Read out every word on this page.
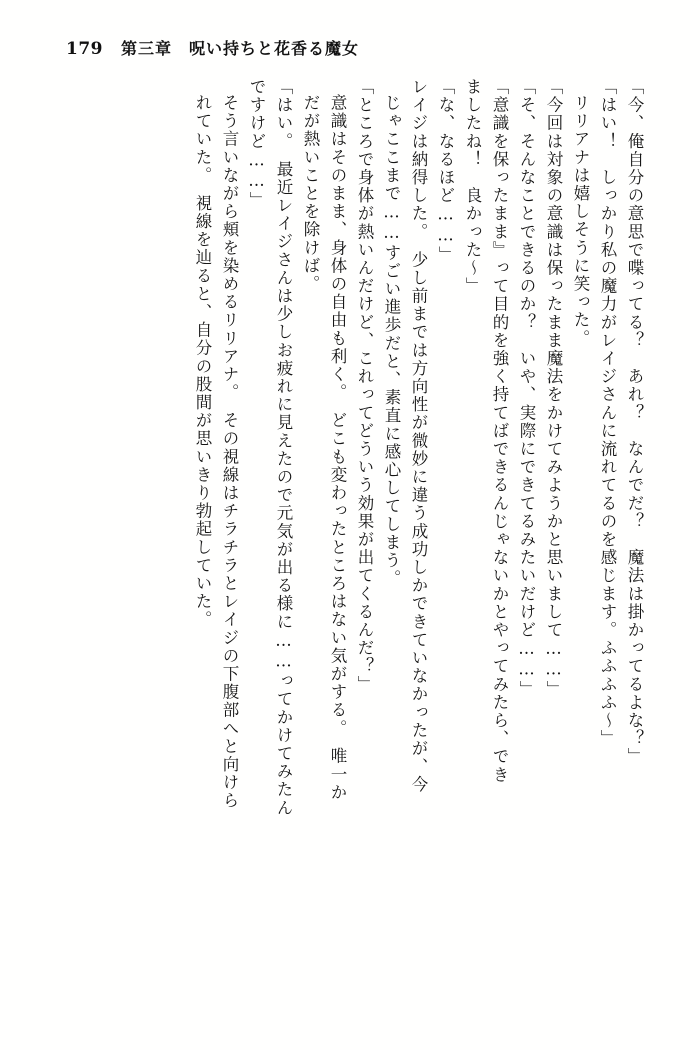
179 第三章　呪い持ちと花香る魔女
「今、俺自分の意思で喋ってる？　あれ？　なんでだ？　魔法は掛かってるよな？」
「はい！　しっかり私の魔力がレイジさんに流れてるのを感じます。ふふふふ～」
リリアナは嬉しそうに笑った。
「今回は対象の意識は保ったまま魔法をかけてみようかと思いまして……」
「そ、そんなことできるのか？　いや、実際にできてるみたいだけど……」
「意識を保ったまま』って目的を強く持てばできるんじゃないかとやってみたら、でき
ましたね！　良かった～」
「な、なるほど……」
レイジは納得した。　少し前までは方向性が微妙に違う成功しかできていなかったが、今
じゃここまで……すごい進歩だと、素直に感心してしまう。
「ところで身体が熱いんだけど、これってどういう効果が出てくるんだ？」
意識はそのまま、身体の自由も利く。　どこも変わったところはない気がする。　唯一か
だが熱いことを除けば。
「はい。　最近レイジさんは少しお疲れに見えたので元気が出る様に……ってかけてみたん
ですけど……」
そう言いながら頬を染めるリリアナ。　その視線はチラチラとレイジの下腹部へと向けら
れていた。　視線を辿ると、自分の股間が思いきり勃起していた。
